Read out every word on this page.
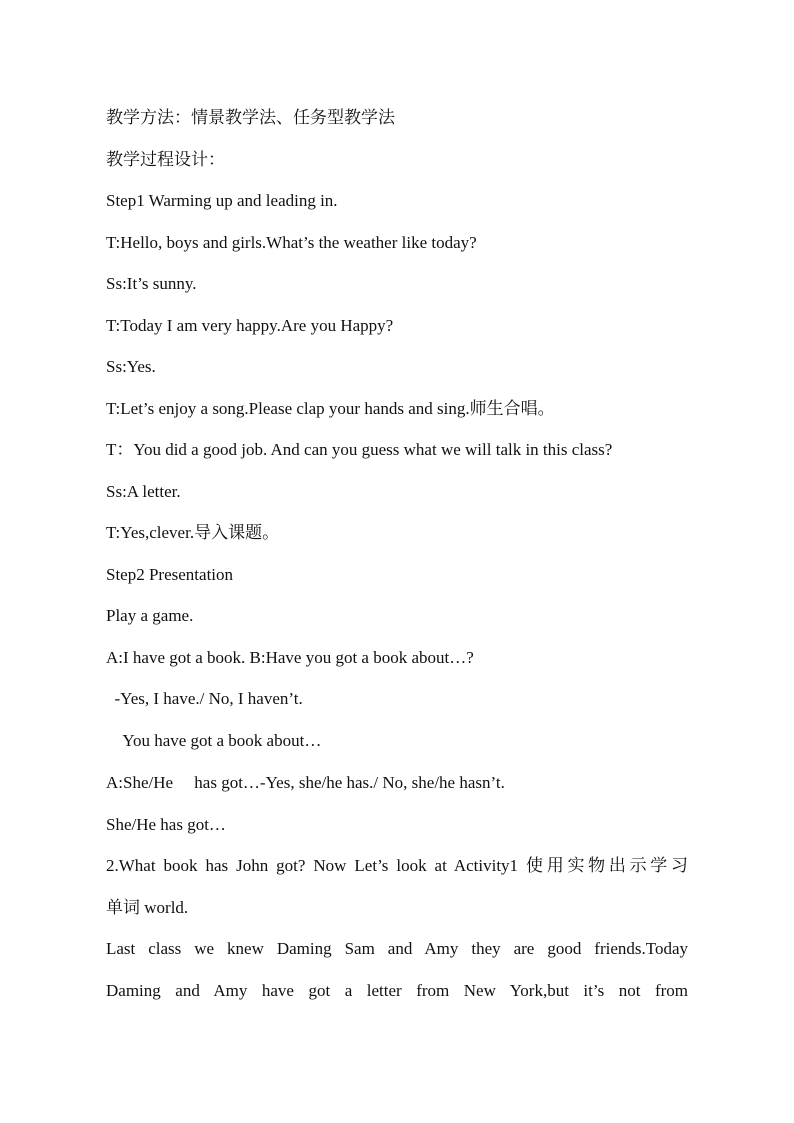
教学方法：情景教学法、任务型教学法
教学过程设计：
Step1 Warming up and leading in.
T:Hello, boys and girls.What’s the weather like today?
Ss:It’s sunny.
T:Today I am very happy.Are you Happy?
Ss:Yes.
T:Let’s enjoy a song.Please clap your hands and sing.师生合唱。
T：You did a good job. And can you guess what we will talk in this class?
Ss:A letter.
T:Yes,clever.导入课题。
Step2 Presentation
Play a game.
A:I have got a book. B:Have you got a book about…?
-Yes, I have./ No, I haven’t.
You have got a book about…
A:She/He     has got…-Yes, she/he has./ No, she/he hasn’t.
She/He has got…
2.What book has John got? Now Let’s look at Activity1 使用实物出示学习
单词 world.
Last class we knew Daming Sam and Amy they are good friends.Today
Daming and Amy have got a letter from New York,but it’s not from
